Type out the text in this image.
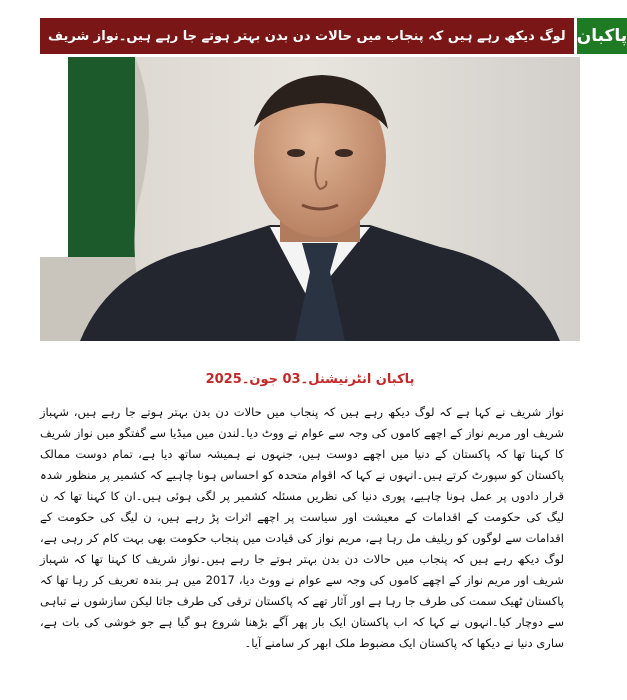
لوگ دیکھ رہے ہیں کہ پنجاب میں حالات دن بدن بہتر ہوتے جا رہے ہیں۔نواز شریف پاکبان
پاکبان انٹرنیشنل۔03 جون۔2025

نواز شریف نے کہا ہے کہ لوگ دیکھ رہے ہیں کہ پنجاب میں حالات دن بدن بہتر ہوتے جا رہے ہیں، شہباز شریف اور مریم نواز کے اچھے کاموں کی وجہ سے عوام نے ووٹ دیا۔لندن میں میڈیا سے گفتگو میں نواز شریف کا کہنا تھا کہ پاکستان کے دنیا میں اچھے دوست ہیں، جنہوں نے ہمیشہ ساتھ دیا ہے، تمام دوست ممالک پاکستان کو سپورٹ کرتے ہیں۔انہوں نے کہا کہ اقوام متحدہ کو احساس ہونا چاہیے کہ کشمیر پر منظور شدہ قرار دادوں پر عمل ہونا چاہیے، پوری دنیا کی نظریں مسئلہ کشمیر پر لگی ہوئی ہیں۔ان کا کہنا تھا کہ ن لیگ کی حکومت کے اقدامات کے معیشت اور سیاست پر اچھے اثرات پڑ رہے ہیں، ن لیگ کی حکومت کے اقدامات سے لوگوں کو ریلیف مل رہا ہے، مریم نواز کی قیادت میں پنجاب حکومت بھی بہت کام کر رہی ہے، لوگ دیکھ رہے ہیں کہ پنجاب میں حالات دن بدن بہتر ہوتے جا رہے ہیں۔نواز شریف کا کہنا تھا کہ شہباز شریف اور مریم نواز کے اچھے کاموں کی وجہ سے عوام نے ووٹ دیا، 2017 میں ہر بندہ تعریف کر رہا تھا کہ پاکستان ٹھیک سمت کی طرف جا رہا ہے اور آثار تھے کہ پاکستان ترقی کی طرف جاتا لیکن سازشوں نے تباہی سے دوچار کیا۔انہوں نے کہا کہ اب پاکستان ایک بار پھر آگے بڑھنا شروع ہو گیا ہے جو خوشی کی بات ہے، ساری دنیا نے دیکھا کہ پاکستان ایک مضبوط ملک ابھر کر سامنے آیا۔
